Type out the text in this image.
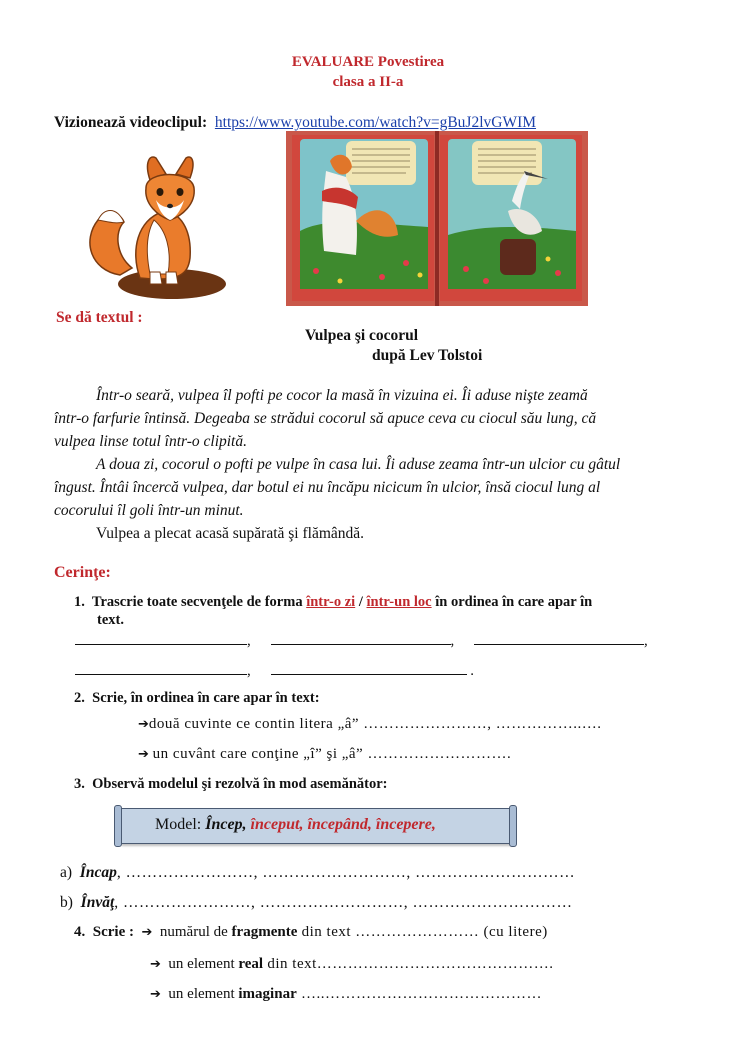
EVALUARE Povestirea
clasa a II-a
Vizionează videoclipul: https://www.youtube.com/watch?v=gBuJ2lvGWIM
Se dă textul :
Vulpea şi cocorul
după Lev Tolstoi
Într-o seară, vulpea îl pofti pe cocor la masă în vizuina ei. Îi aduse nişte zeamă
într-o farfurie întinsă. Degeaba se strădui cocorul să apuce ceva cu ciocul său lung, că
vulpea linse totul într-o clipită.
A doua zi, cocorul o pofti pe vulpe în casa lui. Îi aduse zeama într-un ulcior cu gâtul
îngust. Întâi încercă vulpea, dar botul ei nu încăpu nicicum în ulcior, însă ciocul lung al
cocorului îl goli într-un minut.
Vulpea a plecat acasă supărată şi flămândă.
Cerinţe:
1. Trascrie toate secvenţele de forma într-o zi / într-un loc în ordinea în care apar în
text.
,	,	,
,	.
2. Scrie, în ordinea în care apar în text:
➔două cuvinte ce contin litera „â” ……………………, ……………..….
➔ un cuvânt care conţine „î” şi „â” ……………………….
3. Observă modelul şi rezolvă în mod asemănător:
Model: Încep, început, începând, începere,
a) Încap, ……………………, ………………………, …………………………
b) Învăţ, ……………………, ………………………, …………………………
4. Scrie : ➔ numărul de fragmente din text …………………… (cu litere)
➔ un element real din text……………………………………….
➔ un element imaginar …..……………………………………
